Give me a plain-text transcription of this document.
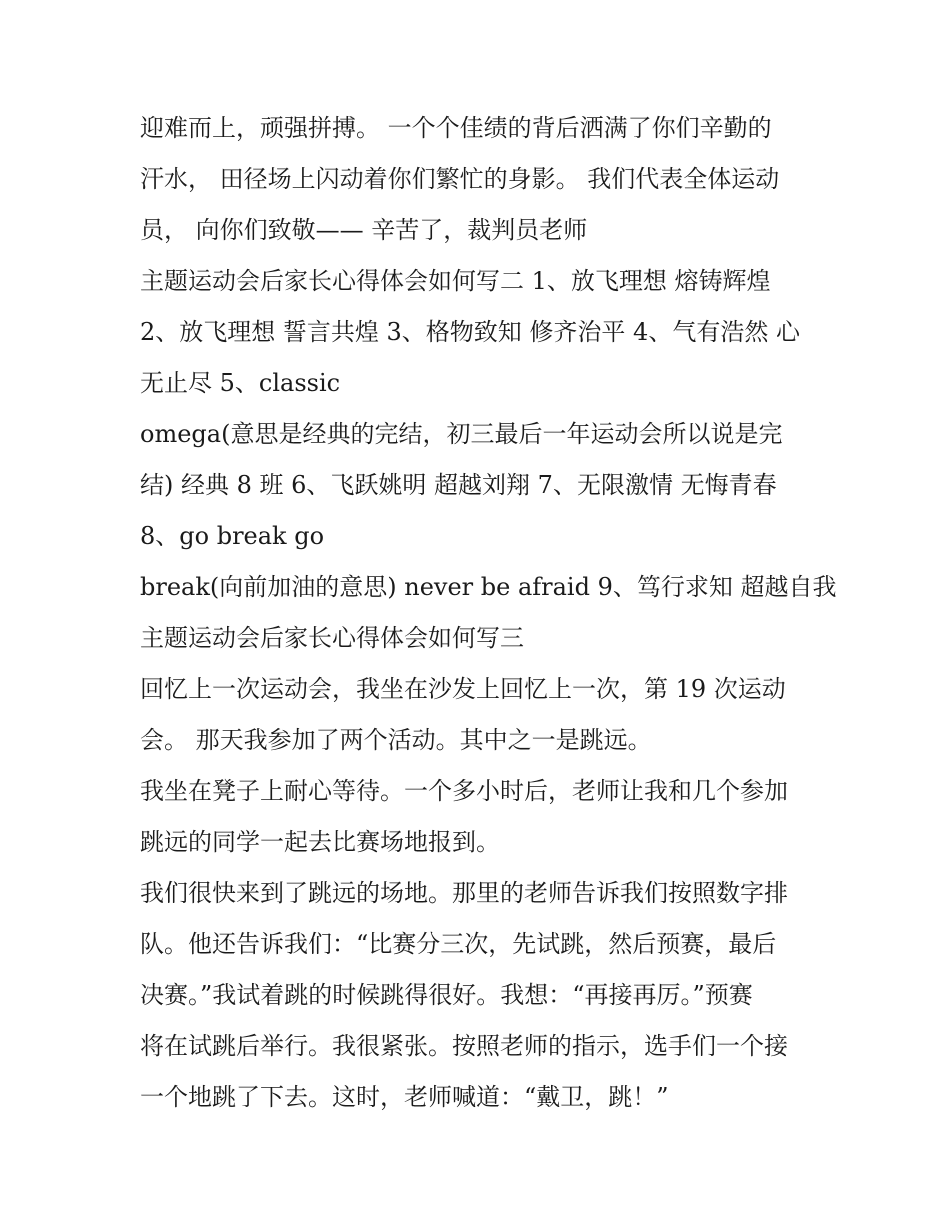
迎难而上，顽强拼搏。 一个个佳绩的背后洒满了你们辛勤的
汗水， 田径场上闪动着你们繁忙的身影。 我们代表全体运动
员， 向你们致敬—— 辛苦了，裁判员老师
主题运动会后家长心得体会如何写二 1、放飞理想 熔铸辉煌
2、放飞理想 誓言共煌 3、格物致知 修齐治平 4、气有浩然 心
无止尽 5、classic
omega(意思是经典的完结，初三最后一年运动会所以说是完
结) 经典 8 班 6、飞跃姚明 超越刘翔 7、无限激情 无悔青春
8、go break go
break(向前加油的意思) never be afraid 9、笃行求知 超越自我
主题运动会后家长心得体会如何写三
回忆上一次运动会，我坐在沙发上回忆上一次，第 19 次运动
会。 那天我参加了两个活动。其中之一是跳远。
我坐在凳子上耐心等待。一个多小时后，老师让我和几个参加
跳远的同学一起去比赛场地报到。
我们很快来到了跳远的场地。那里的老师告诉我们按照数字排
队。他还告诉我们：“比赛分三次，先试跳，然后预赛，最后
决赛。”我试着跳的时候跳得很好。我想：“再接再厉。”预赛
将在试跳后举行。我很紧张。按照老师的指示，选手们一个接
一个地跳了下去。这时，老师喊道：“戴卫，跳！”
